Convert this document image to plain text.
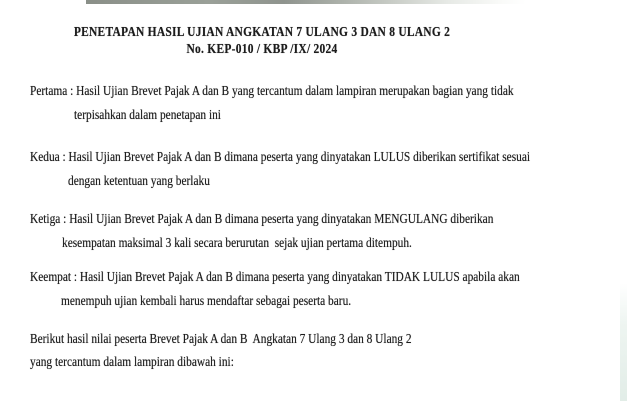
PENETAPAN HASIL UJIAN ANGKATAN 7 ULANG 3 DAN 8 ULANG 2
No. KEP-010 / KBP /IX/ 2024
Pertama : Hasil Ujian Brevet Pajak A dan B yang tercantum dalam lampiran merupakan bagian yang tidak
terpisahkan dalam penetapan ini
Kedua : Hasil Ujian Brevet Pajak A dan B dimana peserta yang dinyatakan LULUS diberikan sertifikat sesuai
dengan ketentuan yang berlaku
Ketiga : Hasil Ujian Brevet Pajak A dan B dimana peserta yang dinyatakan MENGULANG diberikan
kesempatan maksimal 3 kali secara berurutan  sejak ujian pertama ditempuh.
Keempat : Hasil Ujian Brevet Pajak A dan B dimana peserta yang dinyatakan TIDAK LULUS apabila akan
menempuh ujian kembali harus mendaftar sebagai peserta baru.
Berikut hasil nilai peserta Brevet Pajak A dan B  Angkatan 7 Ulang 3 dan 8 Ulang 2
yang tercantum dalam lampiran dibawah ini:
